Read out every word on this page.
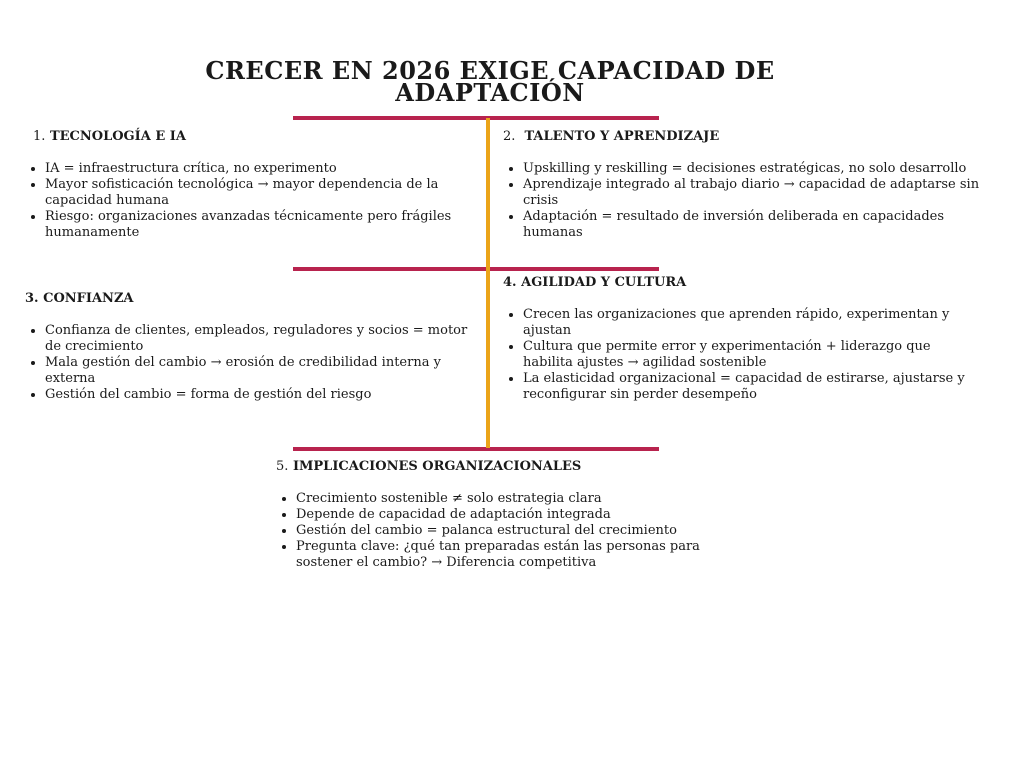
CRECER EN 2026 EXIGE CAPACIDAD DE ADAPTACIÓN
1. TECNOLOGÍA E IA
• IA = infraestructura crítica, no experimento
• Mayor sofisticación tecnológica → mayor dependencia de la capacidad humana
• Riesgo: organizaciones avanzadas técnicamente pero frágiles humanamente
2. TALENTO Y APRENDIZAJE
• Upskilling y reskilling = decisiones estratégicas, no solo desarrollo
• Aprendizaje integrado al trabajo diario → capacidad de adaptarse sin crisis
• Adaptación = resultado de inversión deliberada en capacidades humanas
3. CONFIANZA
• Confianza de clientes, empleados, reguladores y socios = motor de crecimiento
• Mala gestión del cambio → erosión de credibilidad interna y externa
• Gestión del cambio = forma de gestión del riesgo
4. AGILIDAD Y CULTURA
• Crecen las organizaciones que aprenden rápido, experimentan y ajustan
• Cultura que permite error y experimentación + liderazgo que habilita ajustes → agilidad sostenible
• La elasticidad organizacional = capacidad de estirarse, ajustarse y reconfigurar sin perder desempeño
5. IMPLICACIONES ORGANIZACIONALES
• Crecimiento sostenible ≠ solo estrategia clara
• Depende de capacidad de adaptación integrada
• Gestión del cambio = palanca estructural del crecimiento
• Pregunta clave: ¿qué tan preparadas están las personas para sostener el cambio? → Diferencia competitiva
